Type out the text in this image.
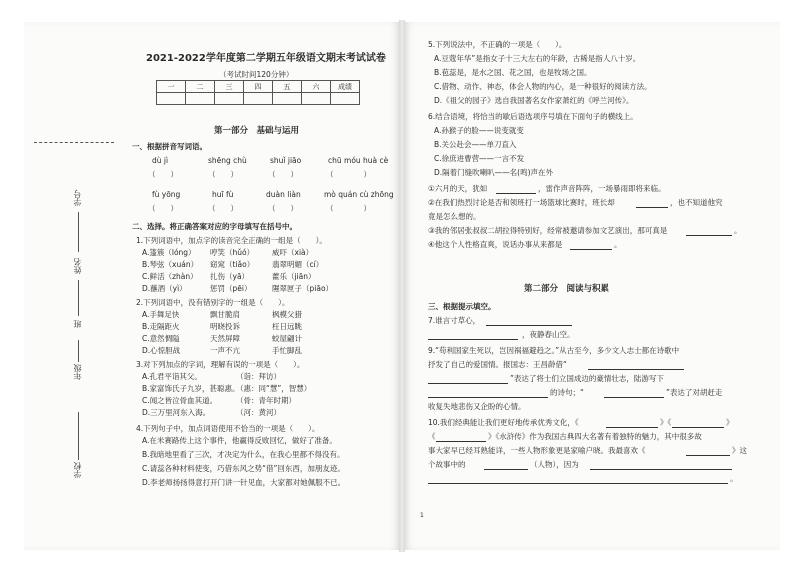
2021-2022学年度第二学期五年级语文期末考试试卷
（考试时间120分钟）
一	二	三	四	五	六	成绩

学校
年级
班
姓名
学号
第一部分　基础与运用
一、根据拼音写词语。
dù jì	shēng chù	shuǐ jiāo	chū móu huà cè
（　　）	（　　）	（　　）	（　　　　）
fù yōng	huī fù	duàn liàn	mò quán cù zhōng
（　　）	（　　）	（　　）	（　　　　）
二、选择。将正确答案对应的字母填写在括号中。
1.下列词语中，加点字的读音完全正确的一组是（　　）。
A.篷簇（lóng） 哼笑（hǔó） 威吓（xià）
B.琴弦（xuán） 窈窕（tiǎo） 翡翠明媚（cí）
C.鲜活（zhàn） 扎伤（yā）	藿乐（jiān）
D.蘸酒（yì）	惩罚（pēi）	隰翠匣子（piāo）
2.下列词语中，没有错别字的一组是（　　）。
A.手舞足快	飘甘脆肩	枫模父猎
B.走隔距火	明晓投诉	枉日远眺
C.意然惆隘	天然屏障	蛟屋翩计
D.心惊胆战	一声不亢	手忙脚乱
3.对下列加点的字词，理解有误的一项是（　　）。
A.孔君平诣其父。	（诣：拜访）
B.家富饰氏子九岁，甚聪惠。
（惠：同“慧”，智慧）
C.闻之皆泣骨血其道。	（骨：青年时期）
D.三万里河东入海。	（河：黄河）
4.下列句子中，加点词语使用不恰当的一项是（　　）。
A.在米赛路传上这个事件，他赢得反败回忆，做好了准备。
B.我暗地里看了三次，才决定为什么，在我心里都不得没有。
C.请蕊各种材料使变，巧借东风之势“借”回东西，加朋友迹。
D.李老师扬扬得意打开门讲一针见血，大家都对她佩服不已。
5.下列说法中，不正确的一项是（　　）。
A.豆蔻年华”是指女子十三大左右的年龄，古稀是指人八十岁。
B.苞蕊是，是水之国、花之国，也是牧场之国。
C.借物、动作、神态，体会人物的内心，是一种很好的阅读方法。
D.《祖父的园子》选自我国著名女作家萧红的《呼兰河传》。
6.结合语境，将恰当的歇后语选项序号填在下面句子的横线上。
A.孙猴子的脸——说变就变
B.关公赴会——单刀直入
C.徐庶进曹营——一言不发
D.隔着门缝吹喇叭——名(鸣)声在外
①六月的天，犹如	，雷作声音阵阵，一场暴雨即将来临。
②在我们热烈讨论是否和领班打一场篮球比赛时，班长却	，也不知道他究
竟是怎么想的。
③我的邻居张叔叔二胡拉得特别好，经常被邀请参加文艺演出，那可真是	。
④他这个人性格直爽，说话办事从来都是	。
第二部分　阅读与积累
三、根据提示填空。
7.谁言寸草心，
，夜静春山空。
9.“苟利国家生死以，岂因祸福避趋之。”从古至今，多少文人志士都在诗歌中
抒发了自己的爱国情。报国志：王昌龄借“
”表达了将士们立国成边的豪情壮志，陆游写下
的诗句；“	”表达了对胡赶走
收复失地悲伤又企盼的心情。
10.我们经典能让我们更好地传承优秀文化，《	》《	》
《	》《水浒传》作为我国古典四大名著有着独特的魅力，其中很多故
事大家早已经耳熟能详，一些人物形象更是家喻户晓。我最喜欢《	》这
个故事中的	（人物），因为
。
1
